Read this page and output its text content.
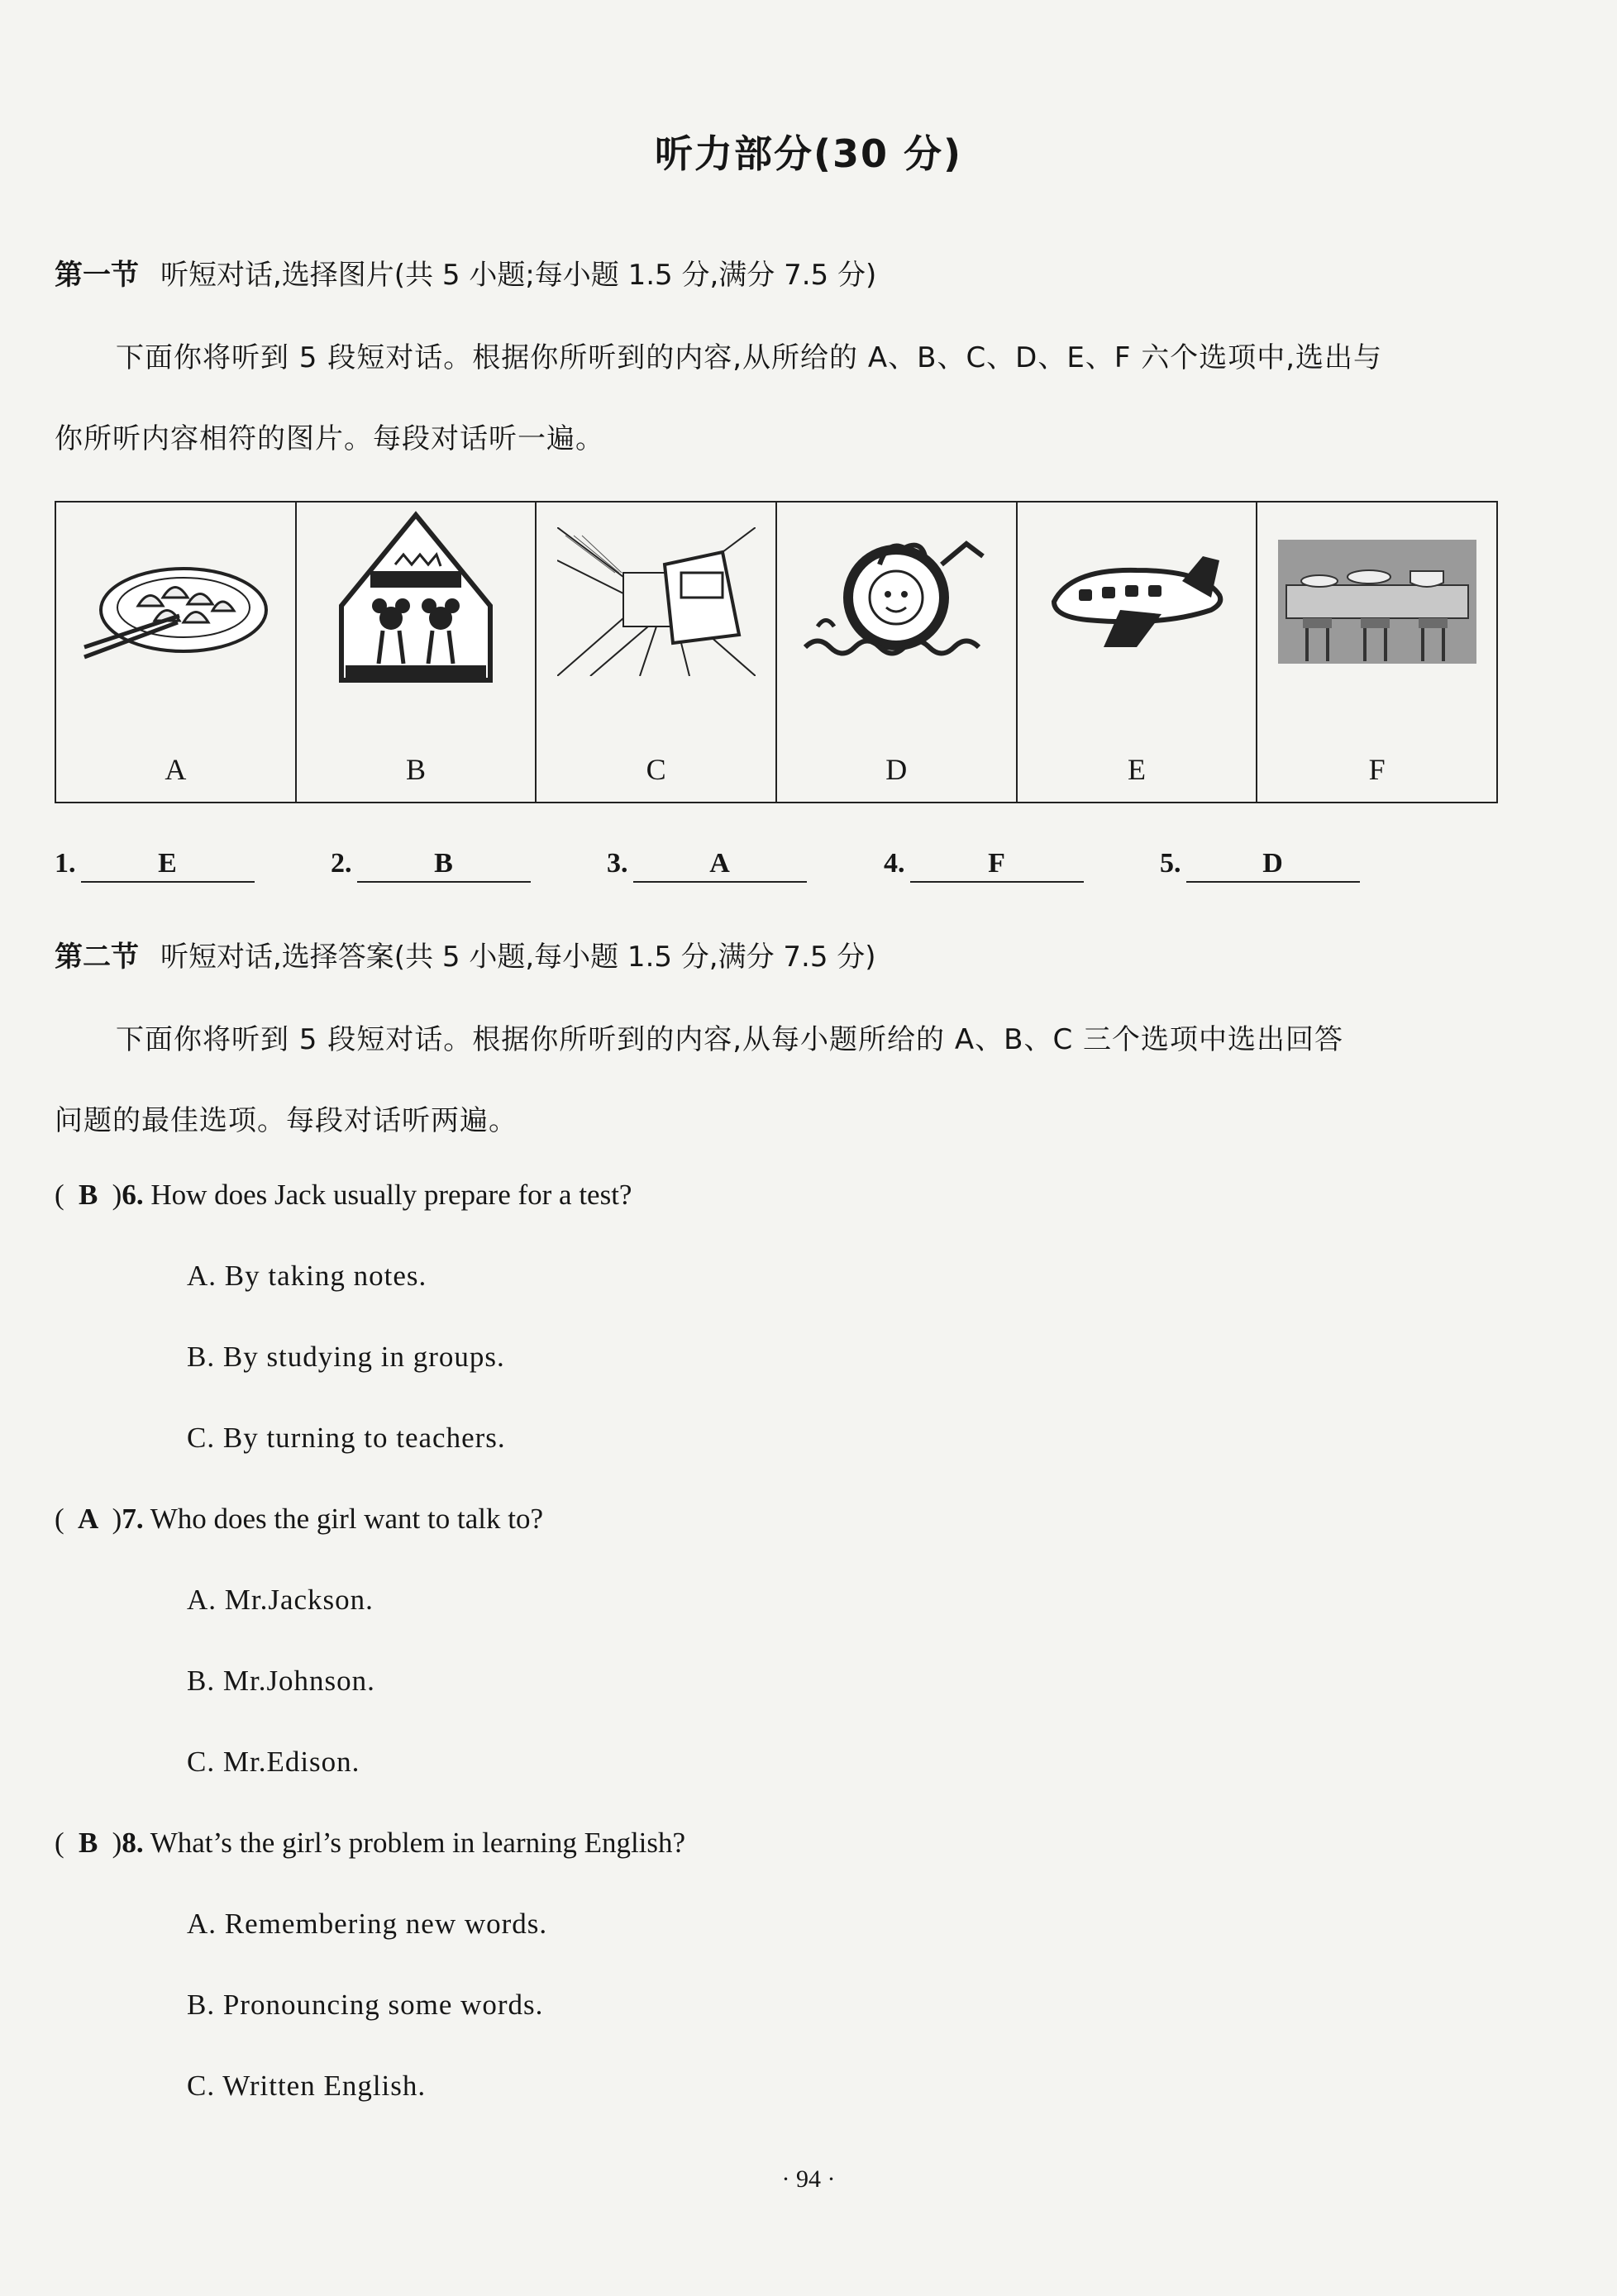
听力部分(30 分)
第一节 听短对话,选择图片(共 5 小题;每小题 1.5 分,满分 7.5 分)
下面你将听到 5 段短对话。根据你所听到的内容,从所给的 A、B、C、D、E、F 六个选项中,选出与
你所听内容相符的图片。每段对话听一遍。
A	B	C	D	E	F
1.	E	2.	B	3.	A	4.	F	5.	D
第二节 听短对话,选择答案(共 5 小题,每小题 1.5 分,满分 7.5 分)
下面你将听到 5 段短对话。根据你所听到的内容,从每小题所给的 A、B、C 三个选项中选出回答
问题的最佳选项。每段对话听两遍。
( B )6. How does Jack usually prepare for a test?
A. By taking notes.
B. By studying in groups.
C. By turning to teachers.
( A )7. Who does the girl want to talk to?
A. Mr.Jackson.
B. Mr.Johnson.
C. Mr.Edison.
( B )8. What’s the girl’s problem in learning English?
A. Remembering new words.
B. Pronouncing some words.
C. Written English.
· 94 ·
